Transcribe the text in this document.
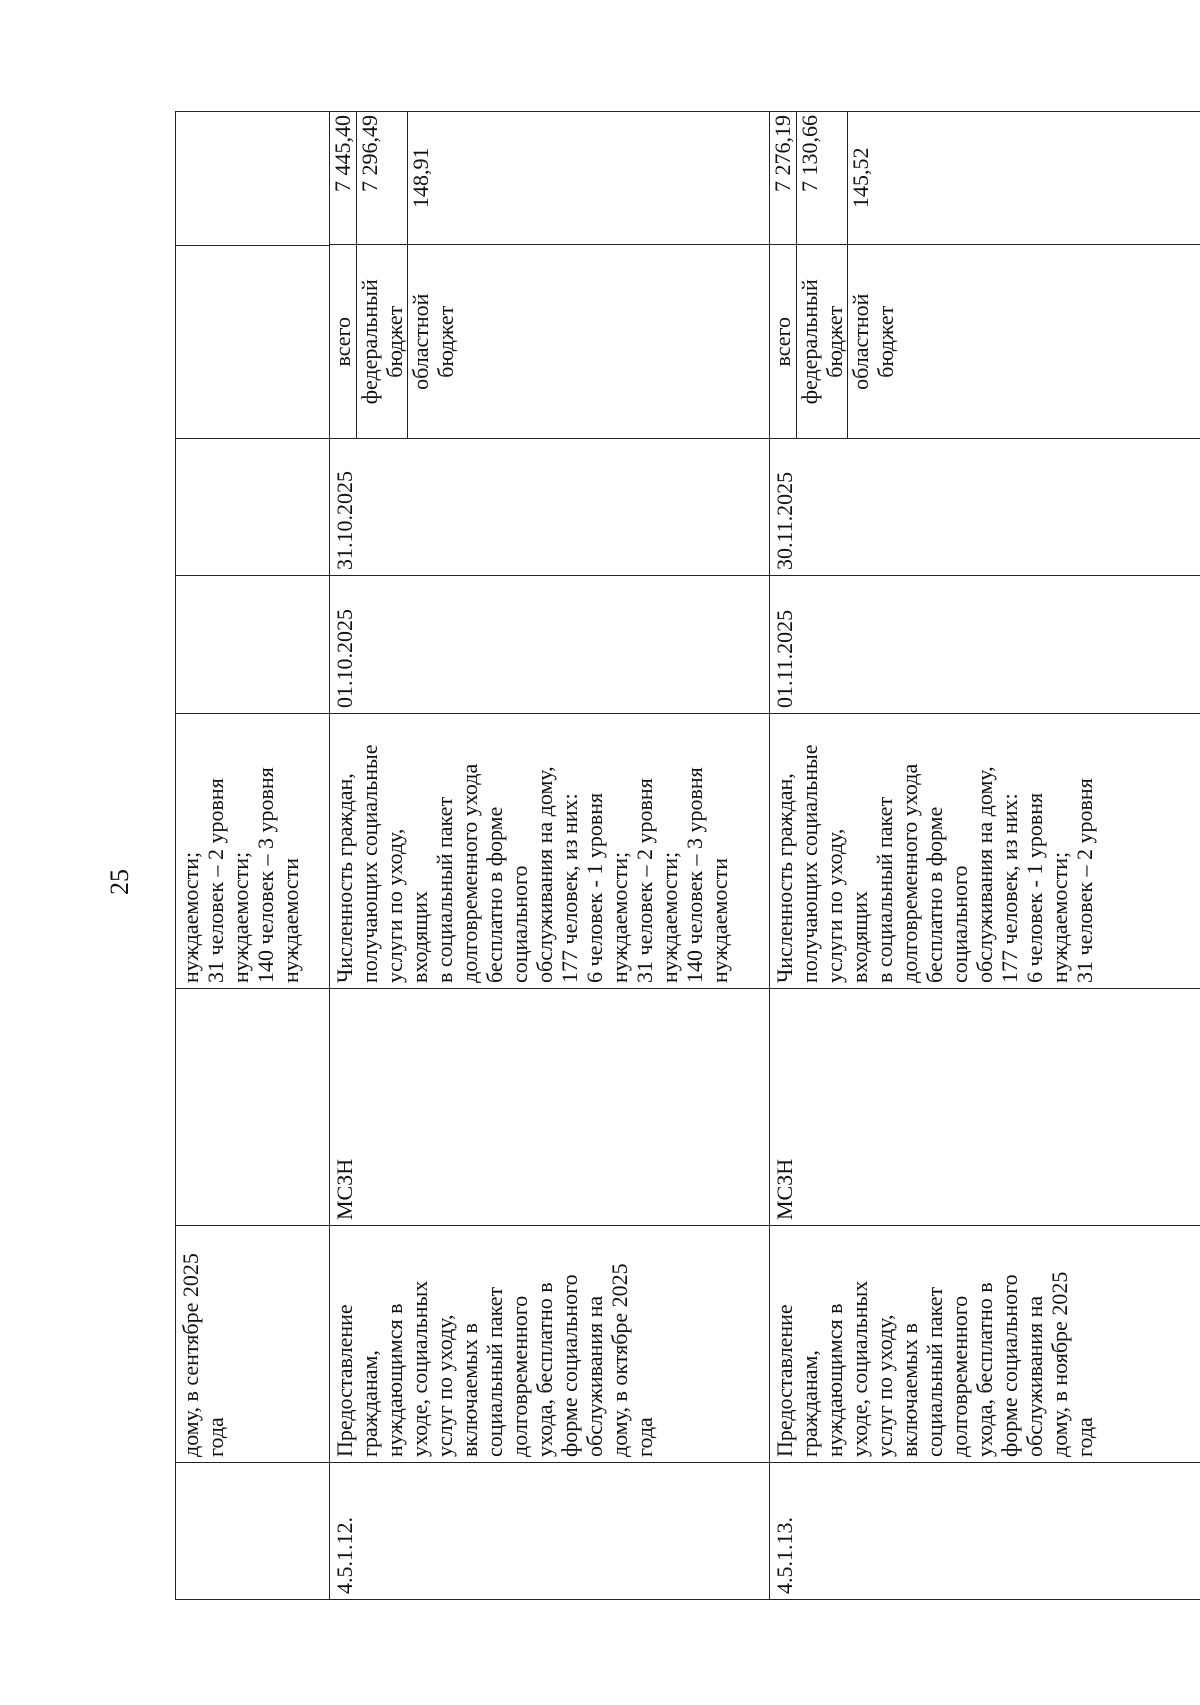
25
	дому, в сентябре 2025
года		нуждаемости;
31 человек – 2 уровня
нуждаемости;
140 человек – 3 уровня
нуждаемости				
4.5.1.12.	Предоставление
гражданам,
нуждающимся в
уходе, социальных
услуг по уходу,
включаемых в
социальный пакет
долговременного
ухода, бесплатно в
форме социального
обслуживания на
дому, в октябре 2025
года	МСЗН	Численность граждан,
получающих социальные
услуги по уходу,
входящих
в социальный пакет
долговременного ухода
бесплатно в форме
социального
обслуживания на дому,
177 человек, из них:
6 человек - 1 уровня
нуждаемости;
31 человек – 2 уровня
нуждаемости;
140 человек – 3 уровня
нуждаемости	01.10.2025	31.10.2025	
всего	7 445,40
федеральный
бюджет	7 296,49
областной
бюджет	148,91

4.5.1.13.	Предоставление
гражданам,
нуждающимся в
уходе, социальных
услуг по уходу,
включаемых в
социальный пакет
долговременного
ухода, бесплатно в
форме социального
обслуживания на
дому, в ноябре 2025
года	МСЗН	Численность граждан,
получающих социальные
услуги по уходу,
входящих
в социальный пакет
долговременного ухода
бесплатно в форме
социального
обслуживания на дому,
177 человек, из них:
6 человек - 1 уровня
нуждаемости;
31 человек – 2 уровня	01.11.2025	30.11.2025	
всего	7 276,19
федеральный
бюджет	7 130,66
областной
бюджет	145,52
